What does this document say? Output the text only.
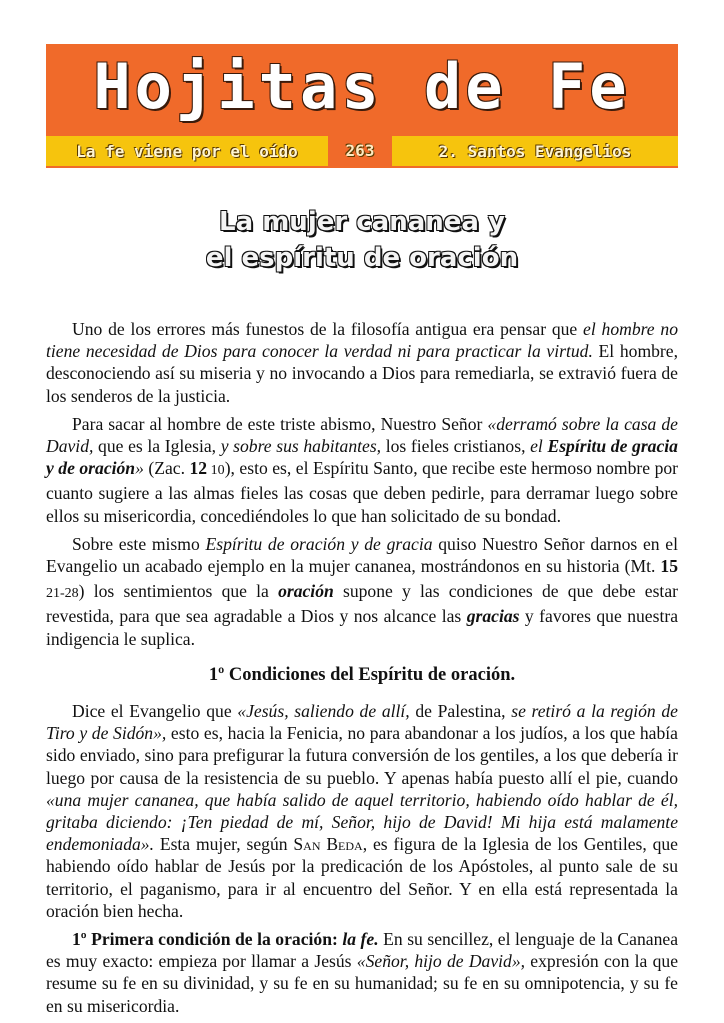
Hojitas de Fe
La fe viene por el oído	263	2. Santos Evangelios
La mujer cananea y
el espíritu de oración

Uno de los errores más funestos de la filosofía antigua era pensar que el hombre no tiene necesidad de Dios para conocer la verdad ni para practicar la virtud. El hombre, desconociendo así su miseria y no invocando a Dios para remediarla, se extravió fuera de los senderos de la justicia.

Para sacar al hombre de este triste abismo, Nuestro Señor «derramó sobre la casa de David, que es la Iglesia, y sobre sus habitantes, los fieles cristianos, el Espíritu de gracia y de oración» (Zac. 12 10), esto es, el Espíritu Santo, que recibe este hermoso nombre por cuanto sugiere a las almas fieles las cosas que deben pedirle, para derramar luego sobre ellos su misericordia, concediéndoles lo que han solicitado de su bondad.

Sobre este mismo Espíritu de oración y de gracia quiso Nuestro Señor darnos en el Evangelio un acabado ejemplo en la mujer cananea, mostrándonos en su historia (Mt. 15 21-28) los sentimientos que la oración supone y las condiciones de que debe estar revestida, para que sea agradable a Dios y nos alcance las gracias y favores que nuestra indigencia le suplica.

1º Condiciones del Espíritu de oración.

Dice el Evangelio que «Jesús, saliendo de allí, de Palestina, se retiró a la región de Tiro y de Sidón», esto es, hacia la Fenicia, no para abandonar a los judíos, a los que había sido enviado, sino para prefigurar la futura conversión de los gentiles, a los que debería ir luego por causa de la resistencia de su pueblo. Y apenas había puesto allí el pie, cuando «una mujer cananea, que había salido de aquel territorio, habiendo oído hablar de él, gritaba diciendo: ¡Ten piedad de mí, Señor, hijo de David! Mi hija está malamente endemoniada». Esta mujer, según San Beda, es figura de la Iglesia de los Gentiles, que habiendo oído hablar de Jesús por la predicación de los Apóstoles, al punto sale de su territorio, el paganismo, para ir al encuentro del Señor. Y en ella está representada la oración bien hecha.

1º Primera condición de la oración: la fe. En su sencillez, el lenguaje de la Cananea es muy exacto: empieza por llamar a Jesús «Señor, hijo de David», expresión con la que resume su fe en su divinidad, y su fe en su humanidad; su fe en su omnipotencia, y su fe en su misericordia.
